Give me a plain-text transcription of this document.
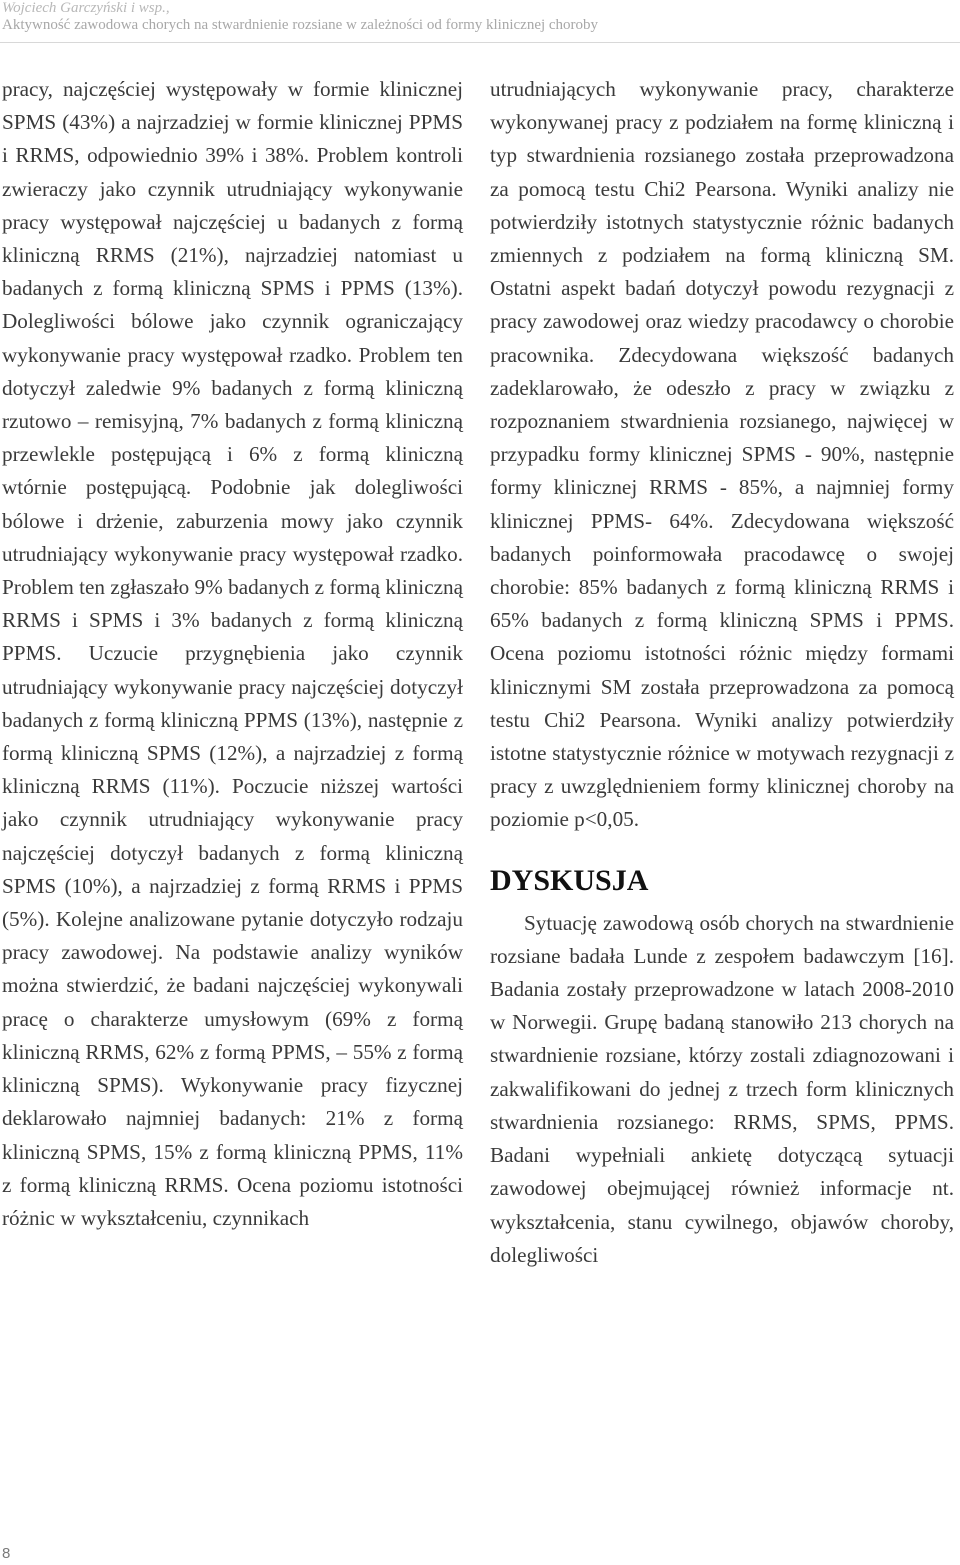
Wojciech Garczyński i wsp.,
Aktywność zawodowa chorych na stwardnienie rozsiane w zależności od formy klinicznej choroby

pracy, najczęściej występowały w formie klinicznej SPMS (43%) a najrzadziej w formie klinicznej PPMS i RRMS, odpowiednio 39% i 38%. Problem kontroli zwieraczy jako czynnik utrudniający wykonywanie pracy występował najczęściej u badanych z formą kliniczną RRMS (21%), najrzadziej natomiast u badanych z formą kliniczną SPMS i PPMS (13%). Dolegliwości bólowe jako czynnik ograniczający wykonywanie pracy występował rzadko. Problem ten dotyczył zaledwie 9% badanych z formą kliniczną rzutowo – remisyjną, 7% badanych z formą kliniczną przewlekle postępującą i 6% z formą kliniczną wtórnie postępującą. Podobnie jak dolegliwości bólowe i drżenie, zaburzenia mowy jako czynnik utrudniający wykonywanie pracy występował rzadko. Problem ten zgłaszało 9% badanych z formą kliniczną RRMS i SPMS i 3% badanych z formą kliniczną PPMS. Uczucie przygnębienia jako czynnik utrudniający wykonywanie pracy najczęściej dotyczył badanych z formą kliniczną PPMS (13%), następnie z formą kliniczną SPMS (12%), a najrzadziej z formą kliniczną RRMS (11%). Poczucie niższej wartości jako czynnik utrudniający wykonywanie pracy najczęściej dotyczył badanych z formą kliniczną SPMS (10%), a najrzadziej z formą RRMS i PPMS (5%). Kolejne analizowane pytanie dotyczyło rodzaju pracy zawodowej. Na podstawie analizy wyników można stwierdzić, że badani najczęściej wykonywali pracę o charakterze umysłowym (69% z formą kliniczną RRMS, 62% z formą PPMS, – 55% z formą kliniczną SPMS). Wykonywanie pracy fizycznej deklarowało najmniej badanych: 21% z formą kliniczną SPMS, 15% z formą kliniczną PPMS, 11% z formą kliniczną RRMS. Ocena poziomu istotności różnic w wykształceniu, czynnikach

utrudniających wykonywanie pracy, charakterze wykonywanej pracy z podziałem na formę kliniczną i typ stwardnienia rozsianego została przeprowadzona za pomocą testu Chi2 Pearsona. Wyniki analizy nie potwierdziły istotnych statystycznie różnic badanych zmiennych z podziałem na formą kliniczną SM. Ostatni aspekt badań dotyczył powodu rezygnacji z pracy zawodowej oraz wiedzy pracodawcy o chorobie pracownika. Zdecydowana większość badanych zadeklarowało, że odeszło z pracy w związku z rozpoznaniem stwardnienia rozsianego, najwięcej w przypadku formy klinicznej SPMS - 90%, następnie formy klinicznej RRMS - 85%, a najmniej formy klinicznej PPMS- 64%. Zdecydowana większość badanych poinformowała pracodawcę o swojej chorobie: 85% badanych z formą kliniczną RRMS i 65% badanych z formą kliniczną SPMS i PPMS. Ocena poziomu istotności różnic między formami klinicznymi SM została przeprowadzona za pomocą testu Chi2 Pearsona. Wyniki analizy potwierdziły istotne statystycznie różnice w motywach rezygnacji z pracy z uwzględnieniem formy klinicznej choroby na poziomie p<0,05.

DYSKUSJA

Sytuację zawodową osób chorych na stwardnienie rozsiane badała Lunde z zespołem badawczym [16]. Badania zostały przeprowadzone w latach 2008-2010 w Norwegii. Grupę badaną stanowiło 213 chorych na stwardnienie rozsiane, którzy zostali zdiagnozowani i zakwalifikowani do jednej z trzech form klinicznych stwardnienia rozsianego: RRMS, SPMS, PPMS. Badani wypełniali ankietę dotyczącą sytuacji zawodowej obejmującej również informacje nt. wykształcenia, stanu cywilnego, objawów choroby, dolegliwości

8
